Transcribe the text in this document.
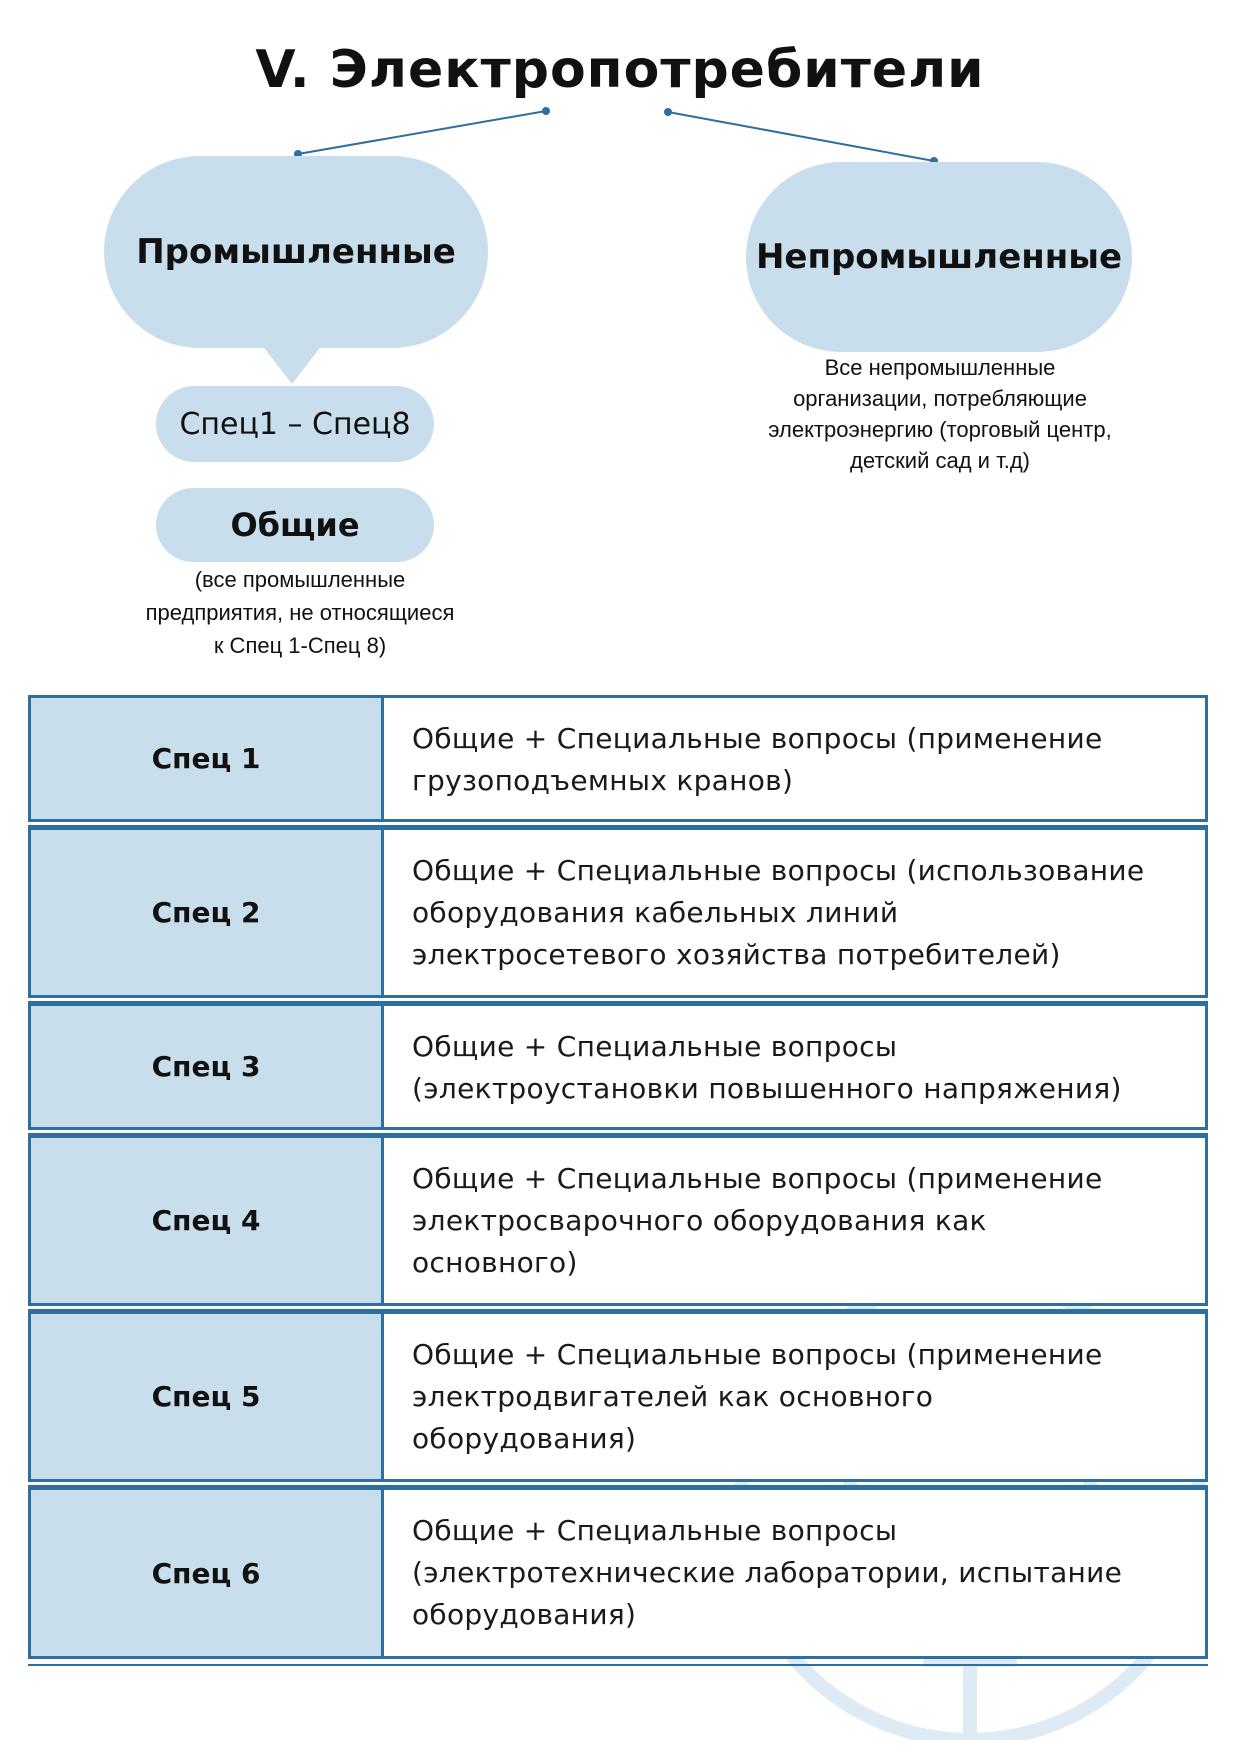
V. Электропотребители
Промышленные	Непромышленные
Спец1 – Спец8
Общие
(все промышленные
предприятия, не относящиеся
к Спец 1-Спец 8)
Все непромышленные
организации, потребляющие
электроэнергию (торговый центр,
детский сад и т.д)
Спец 1
Общие + Специальные вопросы (применение
грузоподъемных кранов)
Спец 2
Общие + Специальные вопросы (использование
оборудования кабельных линий
электросетевого хозяйства потребителей)
Спец 3
Общие + Специальные вопросы
(электроустановки повышенного напряжения)
Спец 4
Общие + Специальные вопросы (применение
электросварочного оборудования как
основного)
Спец 5
Общие + Специальные вопросы (применение
электродвигателей как основного
оборудования)
Спец 6
Общие + Специальные вопросы
(электротехнические лаборатории, испытание
оборудования)
